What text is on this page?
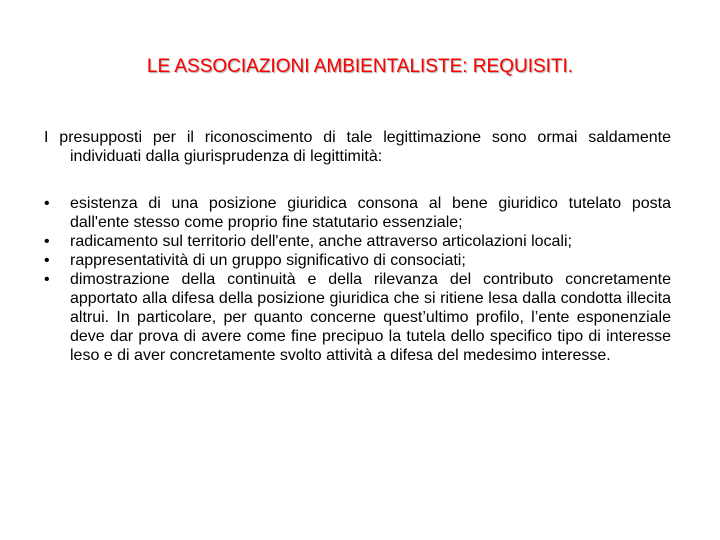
LE ASSOCIAZIONI AMBIENTALISTE: REQUISITI.
I presupposti per il riconoscimento di tale legittimazione sono ormai saldamente individuati dalla giurisprudenza di legittimità:
•	esistenza di una posizione giuridica consona al bene giuridico tutelato posta dall'ente stesso come proprio fine statutario essenziale;
•	radicamento sul territorio dell'ente, anche attraverso articolazioni locali;
•	rappresentatività di un gruppo significativo di consociati;
•	dimostrazione della continuità e della rilevanza del contributo concretamente apportato alla difesa della posizione giuridica che si ritiene lesa dalla condotta illecita altrui. In particolare, per quanto concerne quest’ultimo profilo, l’ente esponenziale deve dar prova di avere come fine precipuo la tutela dello specifico tipo di interesse leso e di aver concretamente svolto attività a difesa del medesimo interesse.
